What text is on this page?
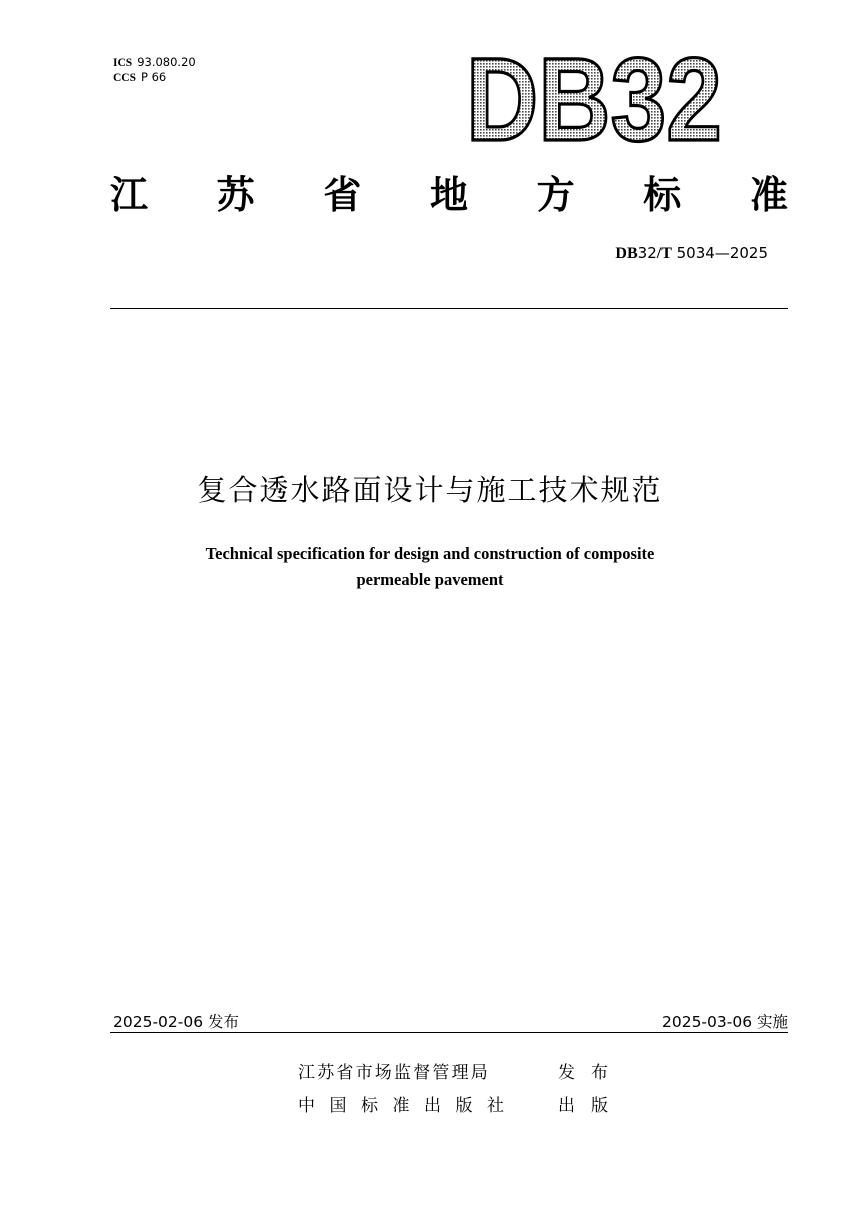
ICS 93.080.20
CCS P 66	DB32
江 苏 省 地 方 标 准
DB32/T 5034—2025
复合透水路面设计与施工技术规范
Technical specification for design and construction of composite
permeable pavement
2025-02-06 发布	2025-03-06 实施
江苏省市场监督管理局	发布
中国标准出版社 出版
